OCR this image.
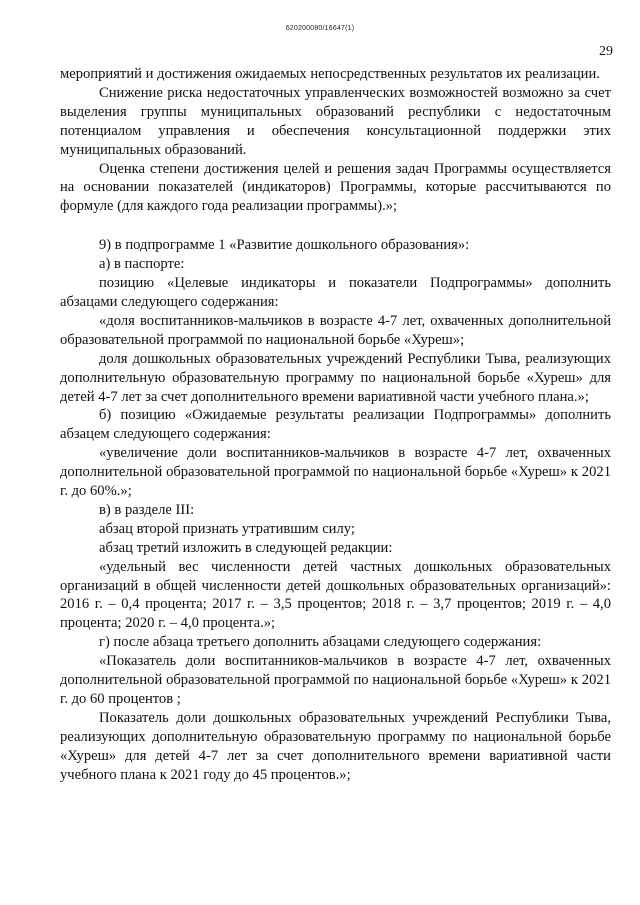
620200080/16647(1)
29

мероприятий и достижения ожидаемых непосредственных результатов их реализации.

Снижение риска недостаточных управленческих возможностей возможно за счет выделения группы муниципальных образований республики с недостаточным потенциалом управления и обеспечения консультационной поддержки этих муниципальных образований.

Оценка степени достижения целей и решения задач Программы осуществляется на основании показателей (индикаторов) Программы, которые рассчитываются по формуле (для каждого года реализации программы).»;

9) в подпрограмме 1 «Развитие дошкольного образования»:

а) в паспорте:

позицию «Целевые индикаторы и показатели Подпрограммы» дополнить абзацами следующего содержания:

«доля воспитанников-мальчиков в возрасте 4-7 лет, охваченных дополнительной образовательной программой по национальной борьбе «Хуреш»;

доля дошкольных образовательных учреждений Республики Тыва, реализующих дополнительную образовательную программу по национальной борьбе «Хуреш» для детей 4-7 лет за счет дополнительного времени вариативной части учебного плана.»;

б) позицию «Ожидаемые результаты реализации Подпрограммы» дополнить абзацем следующего содержания:

«увеличение доли воспитанников-мальчиков в возрасте 4-7 лет, охваченных дополнительной образовательной программой по национальной борьбе «Хуреш» к 2021 г. до 60%.»;

в) в разделе III:

абзац второй признать утратившим силу;

абзац третий изложить в следующей редакции:

«удельный вес численности детей частных дошкольных образовательных организаций в общей численности детей дошкольных образовательных организаций»: 2016 г. – 0,4 процента; 2017 г. – 3,5 процентов; 2018 г. – 3,7 процентов; 2019 г. – 4,0 процента; 2020 г. – 4,0 процента.»;

г) после абзаца третьего дополнить абзацами следующего содержания:

«Показатель доли воспитанников-мальчиков в возрасте 4-7 лет, охваченных дополнительной образовательной программой по национальной борьбе «Хуреш» к 2021 г. до 60 процентов ;

Показатель доли дошкольных образовательных учреждений Республики Тыва, реализующих дополнительную образовательную программу по национальной борьбе «Хуреш» для детей 4-7 лет за счет дополнительного времени вариативной части учебного плана к 2021 году до 45 процентов.»;
